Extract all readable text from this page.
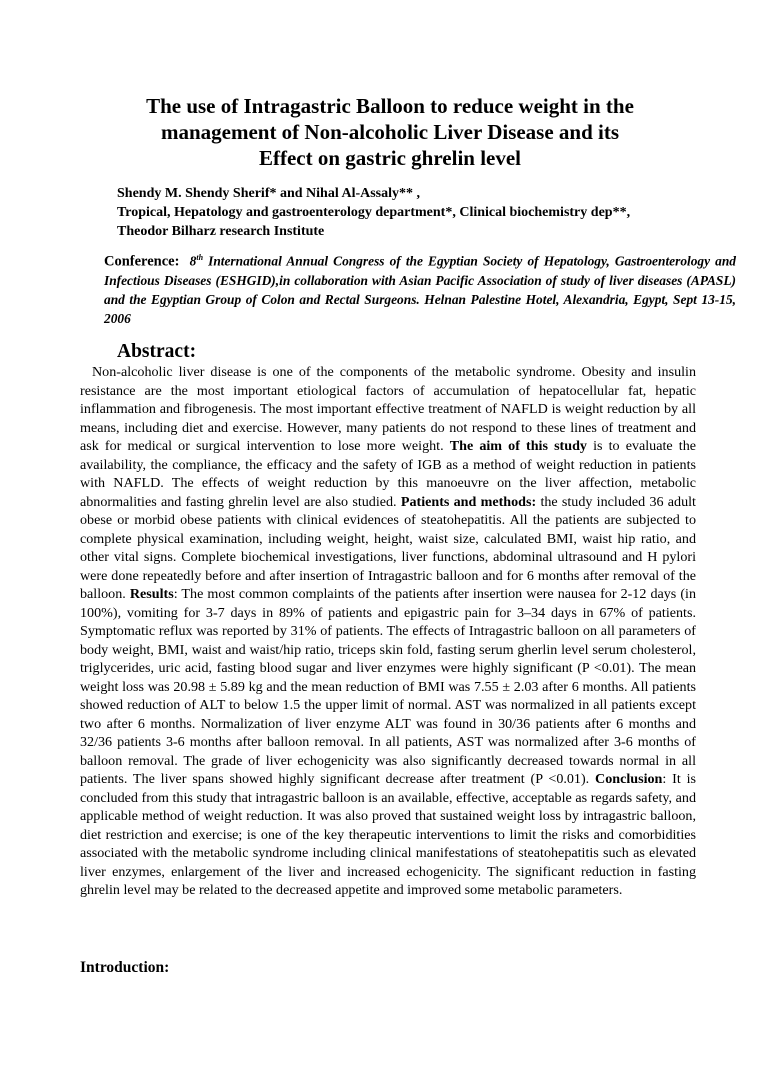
The use of Intragastric Balloon to reduce weight in the
management of Non-alcoholic Liver Disease and its
Effect on gastric ghrelin level
Shendy M. Shendy Sherif* and Nihal Al-Assaly** ,
Tropical, Hepatology and gastroenterology department*, Clinical biochemistry dep**,
Theodor Bilharz research Institute
Conference: 8th International Annual Congress of the Egyptian Society of Hepatology, Gastroenterology and Infectious Diseases (ESHGID),in collaboration with Asian Pacific Association of study of liver diseases (APASL) and the Egyptian Group of Colon and Rectal Surgeons. Helnan Palestine Hotel, Alexandria, Egypt, Sept 13-15, 2006
Abstract:

Non-alcoholic liver disease is one of the components of the metabolic syndrome. Obesity and insulin resistance are the most important etiological factors of accumulation of hepatocellular fat, hepatic inflammation and fibrogenesis. The most important effective treatment of NAFLD is weight reduction by all means, including diet and exercise. However, many patients do not respond to these lines of treatment and ask for medical or surgical intervention to lose more weight. The aim of this study is to evaluate the availability, the compliance, the efficacy and the safety of IGB as a method of weight reduction in patients with NAFLD. The effects of weight reduction by this manoeuvre on the liver affection, metabolic abnormalities and fasting ghrelin level are also studied. Patients and methods: the study included 36 adult obese or morbid obese patients with clinical evidences of steatohepatitis. All the patients are subjected to complete physical examination, including weight, height, waist size, calculated BMI, waist hip ratio, and other vital signs. Complete biochemical investigations, liver functions, abdominal ultrasound and H pylori were done repeatedly before and after insertion of Intragastric balloon and for 6 months after removal of the balloon. Results: The most common complaints of the patients after insertion were nausea for 2-12 days (in 100%), vomiting for 3-7 days in 89% of patients and epigastric pain for 3–34 days in 67% of patients. Symptomatic reflux was reported by 31% of patients. The effects of Intragastric balloon on all parameters of body weight, BMI, waist and waist/hip ratio, triceps skin fold, fasting serum gherlin level serum cholesterol, triglycerides, uric acid, fasting blood sugar and liver enzymes were highly significant (P <0.01). The mean weight loss was 20.98 ± 5.89 kg and the mean reduction of BMI was 7.55 ± 2.03 after 6 months. All patients showed reduction of ALT to below 1.5 the upper limit of normal. AST was normalized in all patients except two after 6 months. Normalization of liver enzyme ALT was found in 30/36 patients after 6 months and 32/36 patients 3-6 months after balloon removal. In all patients, AST was normalized after 3-6 months of balloon removal. The grade of liver echogenicity was also significantly decreased towards normal in all patients. The liver spans showed highly significant decrease after treatment (P <0.01). Conclusion: It is concluded from this study that intragastric balloon is an available, effective, acceptable as regards safety, and applicable method of weight reduction. It was also proved that sustained weight loss by intragastric balloon, diet restriction and exercise; is one of the key therapeutic interventions to limit the risks and comorbidities associated with the metabolic syndrome including clinical manifestations of steatohepatitis such as elevated liver enzymes, enlargement of the liver and increased echogenicity. The significant reduction in fasting ghrelin level may be related to the decreased appetite and improved some metabolic parameters.

Introduction:
